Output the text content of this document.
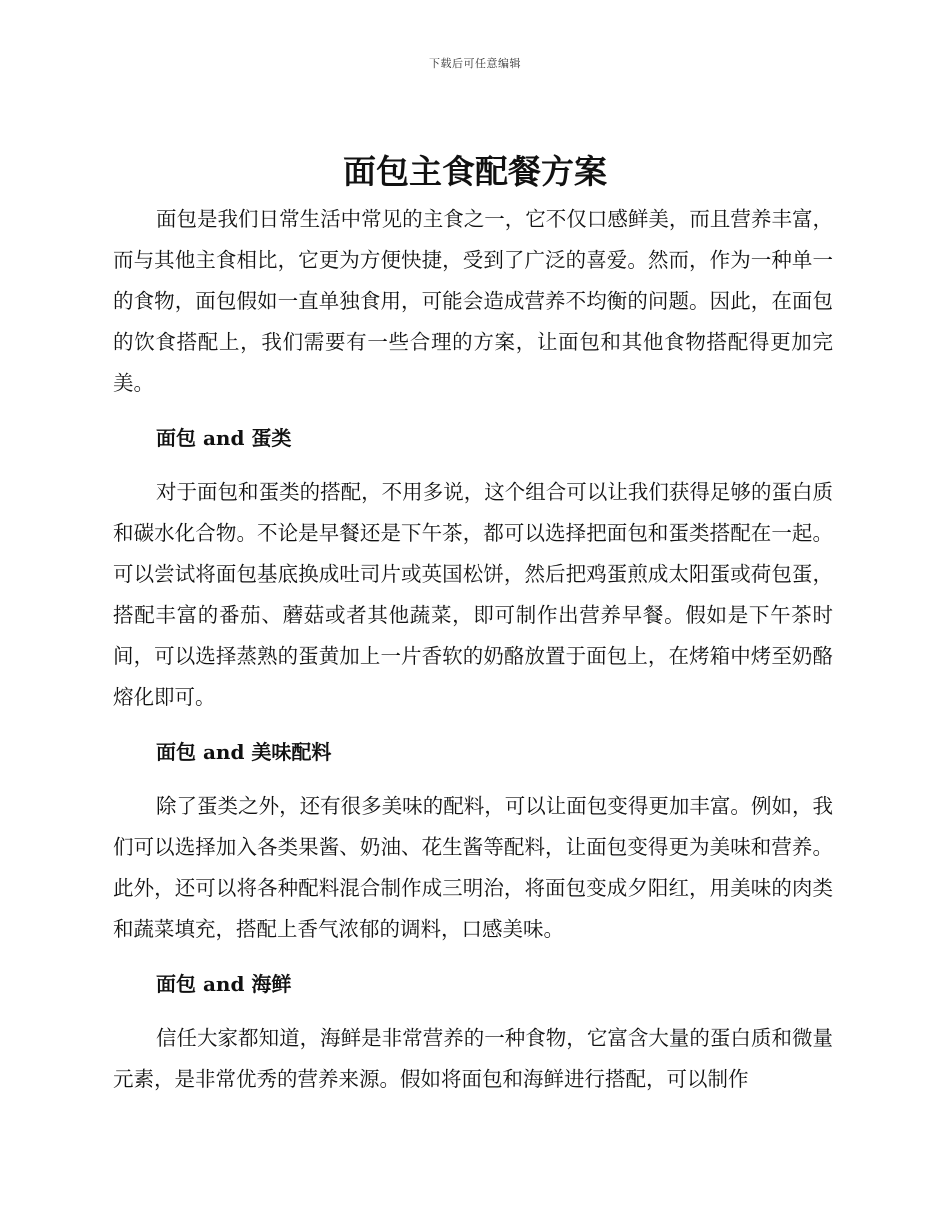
下载后可任意编辑
面包主食配餐方案

面包是我们日常生活中常见的主食之一，它不仅口感鲜美，而且营养丰富，而与其他主食相比，它更为方便快捷，受到了广泛的喜爱。然而，作为一种单一的食物，面包假如一直单独食用，可能会造成营养不均衡的问题。因此，在面包的饮食搭配上，我们需要有一些合理的方案，让面包和其他食物搭配得更加完美。

面包 and 蛋类

对于面包和蛋类的搭配，不用多说，这个组合可以让我们获得足够的蛋白质和碳水化合物。不论是早餐还是下午茶，都可以选择把面包和蛋类搭配在一起。可以尝试将面包基底换成吐司片或英国松饼，然后把鸡蛋煎成太阳蛋或荷包蛋，搭配丰富的番茄、蘑菇或者其他蔬菜，即可制作出营养早餐。假如是下午茶时间，可以选择蒸熟的蛋黄加上一片香软的奶酪放置于面包上，在烤箱中烤至奶酪熔化即可。

面包 and 美味配料

除了蛋类之外，还有很多美味的配料，可以让面包变得更加丰富。例如，我们可以选择加入各类果酱、奶油、花生酱等配料，让面包变得更为美味和营养。此外，还可以将各种配料混合制作成三明治，将面包变成夕阳红，用美味的肉类和蔬菜填充，搭配上香气浓郁的调料，口感美味。

面包 and 海鲜

信任大家都知道，海鲜是非常营养的一种食物，它富含大量的蛋白质和微量元素，是非常优秀的营养来源。假如将面包和海鲜进行搭配，可以制作
